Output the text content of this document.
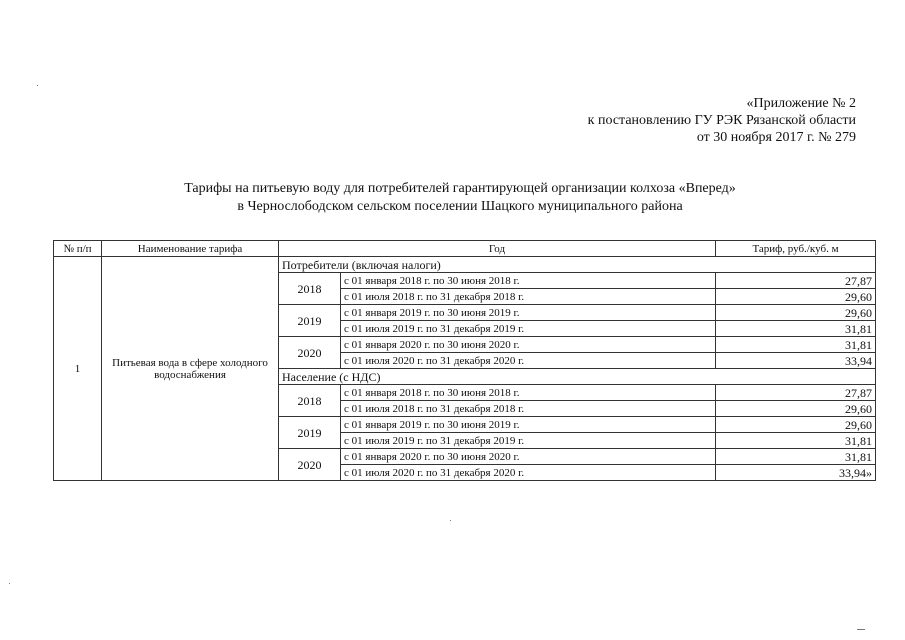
«Приложение № 2
к постановлению ГУ РЭК Рязанской области
от 30 ноября 2017 г. № 279
Тарифы на питьевую воду для потребителей гарантирующей организации колхоза «Вперед»
в Чернослободском сельском поселении Шацкого муниципального района
№ п/п	Наименование тарифа	Год		Тариф, руб./куб. м
1	Питьевая вода в сфере холодного водоснабжения	Потребители (включая налоги)		
		2018	с 01 января 2018 г. по 30 июня 2018 г.	27,87
			с 01 июля 2018 г. по 31 декабря 2018 г.	29,60
		2019	с 01 января 2019 г. по 30 июня 2019 г.	29,60
			с 01 июля 2019 г. по 31 декабря 2019 г.	31,81
		2020	с 01 января 2020 г. по 30 июня 2020 г.	31,81
			с 01 июля 2020 г. по 31 декабря 2020 г.	33,94
		Население (с НДС)		
		2018	с 01 января 2018 г. по 30 июня 2018 г.	27,87
			с 01 июля 2018 г. по 31 декабря 2018 г.	29,60
		2019	с 01 января 2019 г. по 30 июня 2019 г.	29,60
			с 01 июля 2019 г. по 31 декабря 2019 г.	31,81
		2020	с 01 января 2020 г. по 30 июня 2020 г.	31,81
			с 01 июля 2020 г. по 31 декабря 2020 г.	33,94»
